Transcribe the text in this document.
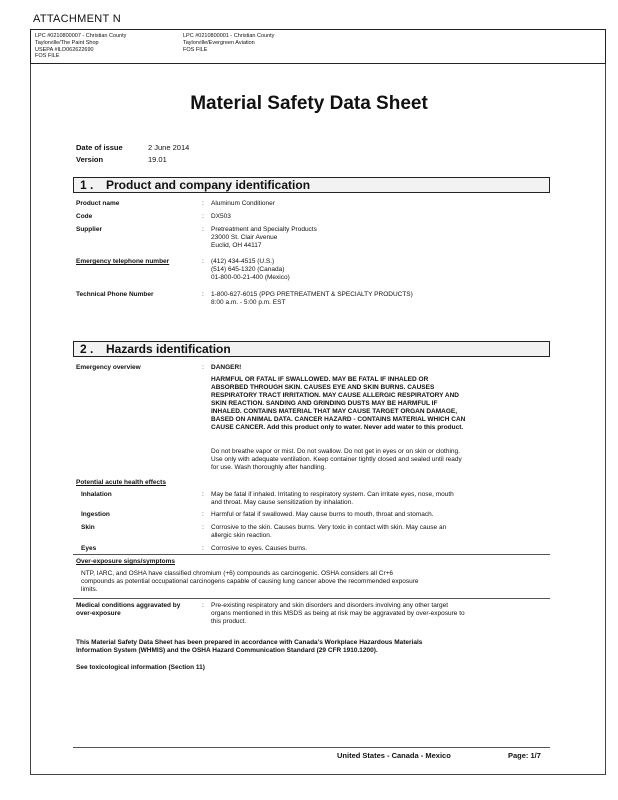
ATTACHMENT N
LPC #0210800007 - Christian County
Taylorville/The Paint Shop
USEPA #ILD062622690
FOS FILE
LPC #0210800001 - Christian County
Taylorville/Evergreen Aviation
FOS FILE
Material Safety Data Sheet
Date of issue	2 June 2014
Version	19.01
1 . Product and company identification
Product name	: Aluminum Conditioner
Code	: DX503
Supplier	: Pretreatment and Specialty Products
23000 St. Clair Avenue
Euclid, OH 44117
Emergency telephone number	: (412) 434-4515 (U.S.)
(514) 645-1320 (Canada)
01-800-00-21-400 (Mexico)
Technical Phone Number	: 1-800-627-6015 (PPG PRETREATMENT & SPECIALTY PRODUCTS)
8:00 a.m. - 5:00 p.m. EST
2 . Hazards identification
Emergency overview	: DANGER!
HARMFUL OR FATAL IF SWALLOWED. MAY BE FATAL IF INHALED OR
ABSORBED THROUGH SKIN. CAUSES EYE AND SKIN BURNS. CAUSES
RESPIRATORY TRACT IRRITATION. MAY CAUSE ALLERGIC RESPIRATORY AND
SKIN REACTION. SANDING AND GRINDING DUSTS MAY BE HARMFUL IF
INHALED. CONTAINS MATERIAL THAT MAY CAUSE TARGET ORGAN DAMAGE,
BASED ON ANIMAL DATA. CANCER HAZARD - CONTAINS MATERIAL WHICH CAN
CAUSE CANCER. Add this product only to water. Never add water to this product.
Do not breathe vapor or mist. Do not swallow. Do not get in eyes or on skin or clothing.
Use only with adequate ventilation. Keep container tightly closed and sealed until ready
for use. Wash thoroughly after handling.
Potential acute health effects
Inhalation	: May be fatal if inhaled. Irritating to respiratory system. Can irritate eyes, nose, mouth
and throat. May cause sensitization by inhalation.
Ingestion	: Harmful or fatal if swallowed. May cause burns to mouth, throat and stomach.
Skin	: Corrosive to the skin. Causes burns. Very toxic in contact with skin. May cause an
allergic skin reaction.
Eyes	: Corrosive to eyes. Causes burns.
Over-exposure signs/symptoms
NTP, IARC, and OSHA have classified chromium (+6) compounds as carcinogenic. OSHA considers all Cr+6
compounds as potential occupational carcinogens capable of causing lung cancer above the recommended exposure
limits.
Medical conditions aggravated by over-exposure
: Pre-existing respiratory and skin disorders and disorders involving any other target
organs mentioned in this MSDS as being at risk may be aggravated by over-exposure to
this product.
This Material Safety Data Sheet has been prepared in accordance with Canada's Workplace Hazardous Materials
Information System (WHMIS) and the OSHA Hazard Communication Standard (29 CFR 1910.1200).
See toxicological information (Section 11)
United States - Canada - Mexico	Page: 1/7
